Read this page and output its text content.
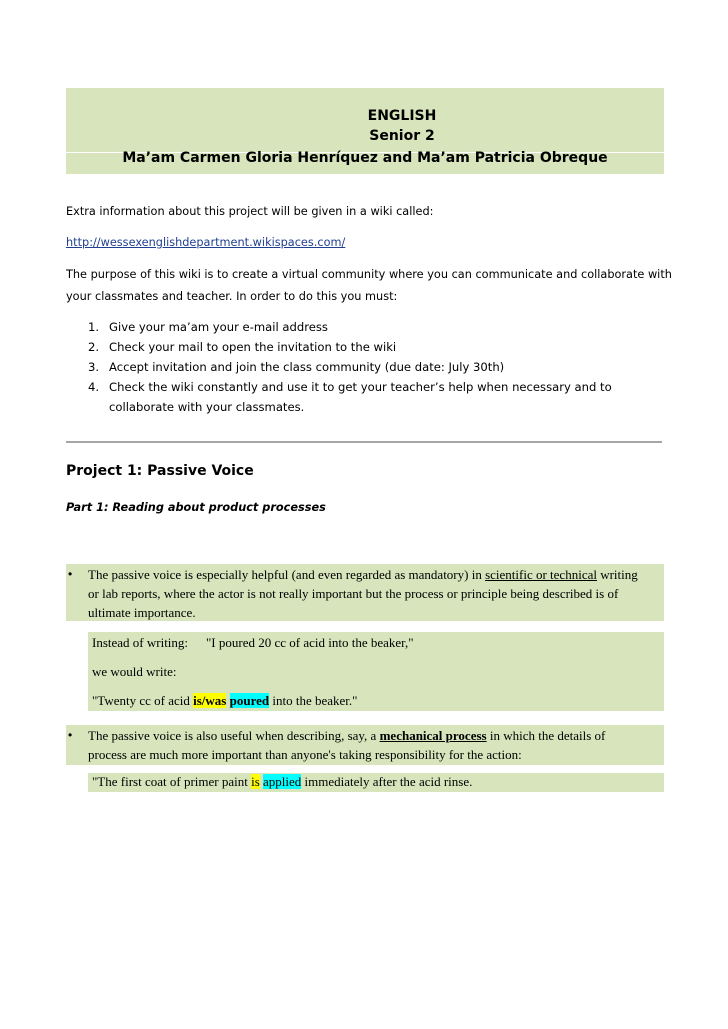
ENGLISH
Senior 2
Ma’am Carmen Gloria Henríquez and Ma’am Patricia Obreque
Extra information about this project will be given in a wiki called:
http://wessexenglishdepartment.wikispaces.com/
The purpose of this wiki is to create a virtual community where you can communicate and collaborate with
your classmates and teacher. In order to do this you must:
1. Give your ma’am your e-mail address
2. Check your mail to open the invitation to the wiki
3. Accept invitation and join the class community (due date: July 30th)
4. Check the wiki constantly and use it to get your teacher’s help when necessary and to
collaborate with your classmates.
Project 1: Passive Voice
Part 1: Reading about product processes
• The passive voice is especially helpful (and even regarded as mandatory) in scientific or technical writing
or lab reports, where the actor is not really important but the process or principle being described is of
ultimate importance.
Instead of writing: "I poured 20 cc of acid into the beaker,"
we would write:
"Twenty cc of acid is/was poured into the beaker."
• The passive voice is also useful when describing, say, a mechanical process in which the details of
process are much more important than anyone's taking responsibility for the action:
"The first coat of primer paint is applied immediately after the acid rinse.
